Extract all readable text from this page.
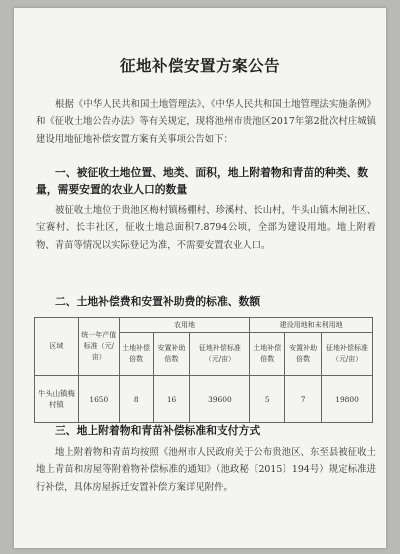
征地补偿安置方案公告
根据《中华人民共和国土地管理法》、《中华人民共和国土地管理法实施条例》和《征收土地公告办法》等有关规定，现将池州市贵池区2017年第2批次村庄城镇建设用地征地补偿安置方案有关事项公告如下：
一、被征收土地位置、地类、面积，地上附着物和青苗的种类、数量，需要安置的农业人口的数量
被征收土地位于贵池区梅村镇杨棚村、珍溪村、长山村，牛头山镇木闸社区、宝赛村、长丰社区，征收土地总面积7.8794公顷，全部为建设用地。地上附着物、青苗等情况以实际登记为准，不需要安置农业人口。
二、土地补偿费和安置补助费的标准、数额
区域	统一年产值标准（元/亩）	农用地			建设用地和未利用地		
		土地补偿倍数	安置补助倍数	征地补偿标准（元/亩）	土地补偿倍数	安置补助倍数	征地补偿标准（元/亩）
牛头山镇梅村镇	1650	8	16	39600	5	7	19800
三、地上附着物和青苗补偿标准和支付方式
地上附着物和青苗均按照《池州市人民政府关于公布贵池区、东至县被征收土地上青苗和房屋等附着物补偿标准的通知》（池政秘〔2015〕194号）规定标准进行补偿，具体房屋拆迁安置补偿方案详见附件。
